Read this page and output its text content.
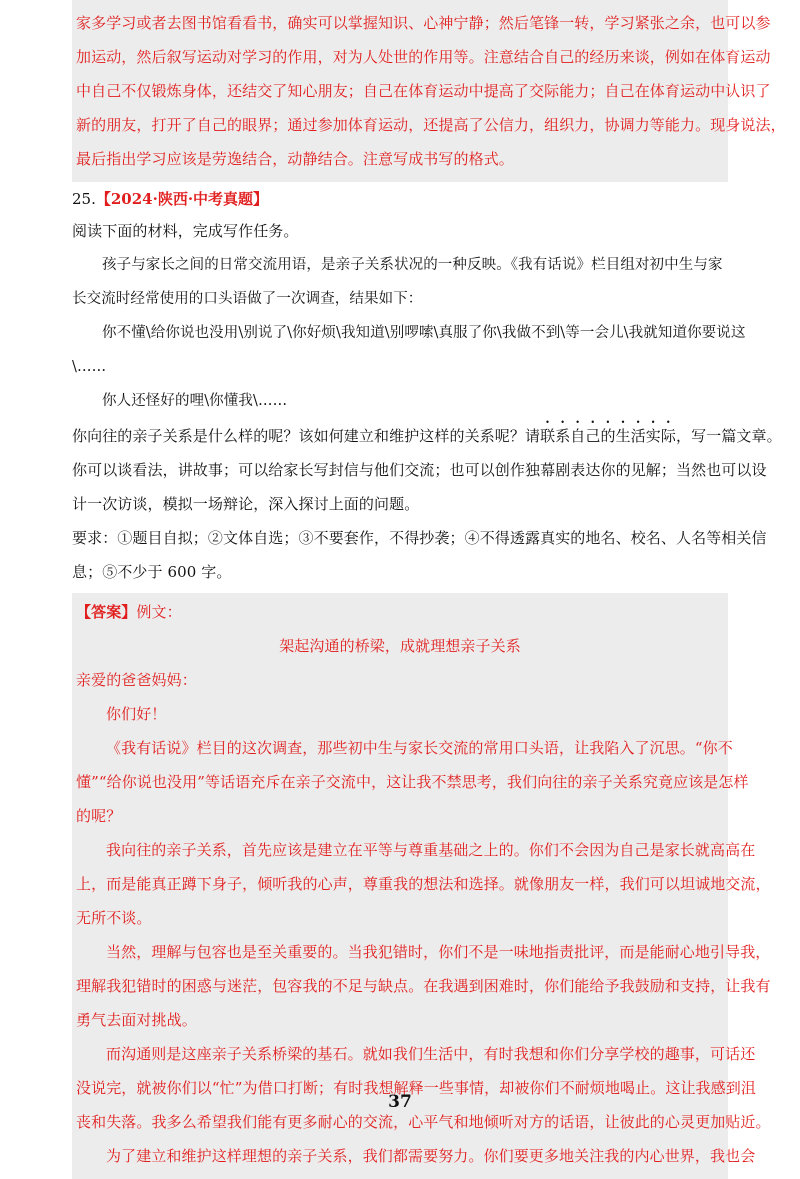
家多学习或者去图书馆看看书，确实可以掌握知识、心神宁静；然后笔锋一转，学习紧张之余，也可以参
加运动，然后叙写运动对学习的作用，对为人处世的作用等。注意结合自己的经历来谈，例如在体育运动
中自己不仅锻炼身体，还结交了知心朋友；自己在体育运动中提高了交际能力；自己在体育运动中认识了
新的朋友，打开了自己的眼界；通过参加体育运动，还提高了公信力，组织力，协调力等能力。现身说法，
最后指出学习应该是劳逸结合，动静结合。注意写成书写的格式。
25.【2024·陕西·中考真题】
阅读下面的材料，完成写作任务。
孩子与家长之间的日常交流用语，是亲子关系状况的一种反映。《我有话说》栏目组对初中生与家
长交流时经常使用的口头语做了一次调查，结果如下：
你不懂\给你说也没用\别说了\你好烦\我知道\别啰嗦\真服了你\我做不到\等一会儿\我就知道你要说这
\……
你人还怪好的哩\你懂我\……
你向往的亲子关系是什么样的呢？该如何建立和维护这样的关系呢？请联系自己的生活实际，写一篇文章。
你可以谈看法，讲故事；可以给家长写封信与他们交流；也可以创作独幕剧表达你的见解；当然也可以设
计一次访谈，模拟一场辩论，深入探讨上面的问题。
要求：①题目自拟；②文体自选；③不要套作，不得抄袭；④不得透露真实的地名、校名、人名等相关信
息；⑤不少于 600 字。
【答案】例文：
架起沟通的桥梁，成就理想亲子关系
亲爱的爸爸妈妈：
你们好！
《我有话说》栏目的这次调查，那些初中生与家长交流的常用口头语，让我陷入了沉思。“你不
懂”“给你说也没用”等话语充斥在亲子交流中，这让我不禁思考，我们向往的亲子关系究竟应该是怎样
的呢？
我向往的亲子关系，首先应该是建立在平等与尊重基础之上的。你们不会因为自己是家长就高高在
上，而是能真正蹲下身子，倾听我的心声，尊重我的想法和选择。就像朋友一样，我们可以坦诚地交流，
无所不谈。
当然，理解与包容也是至关重要的。当我犯错时，你们不是一味地指责批评，而是能耐心地引导我，
理解我犯错时的困惑与迷茫，包容我的不足与缺点。在我遇到困难时，你们能给予我鼓励和支持，让我有
勇气去面对挑战。
而沟通则是这座亲子关系桥梁的基石。就如我们生活中，有时我想和你们分享学校的趣事，可话还
没说完，就被你们以“忙”为借口打断；有时我想解释一些事情，却被你们不耐烦地喝止。这让我感到沮
丧和失落。我多么希望我们能有更多耐心的交流，心平气和地倾听对方的话语，让彼此的心灵更加贴近。
为了建立和维护这样理想的亲子关系，我们都需要努力。你们要更多地关注我的内心世界，我也会
37
